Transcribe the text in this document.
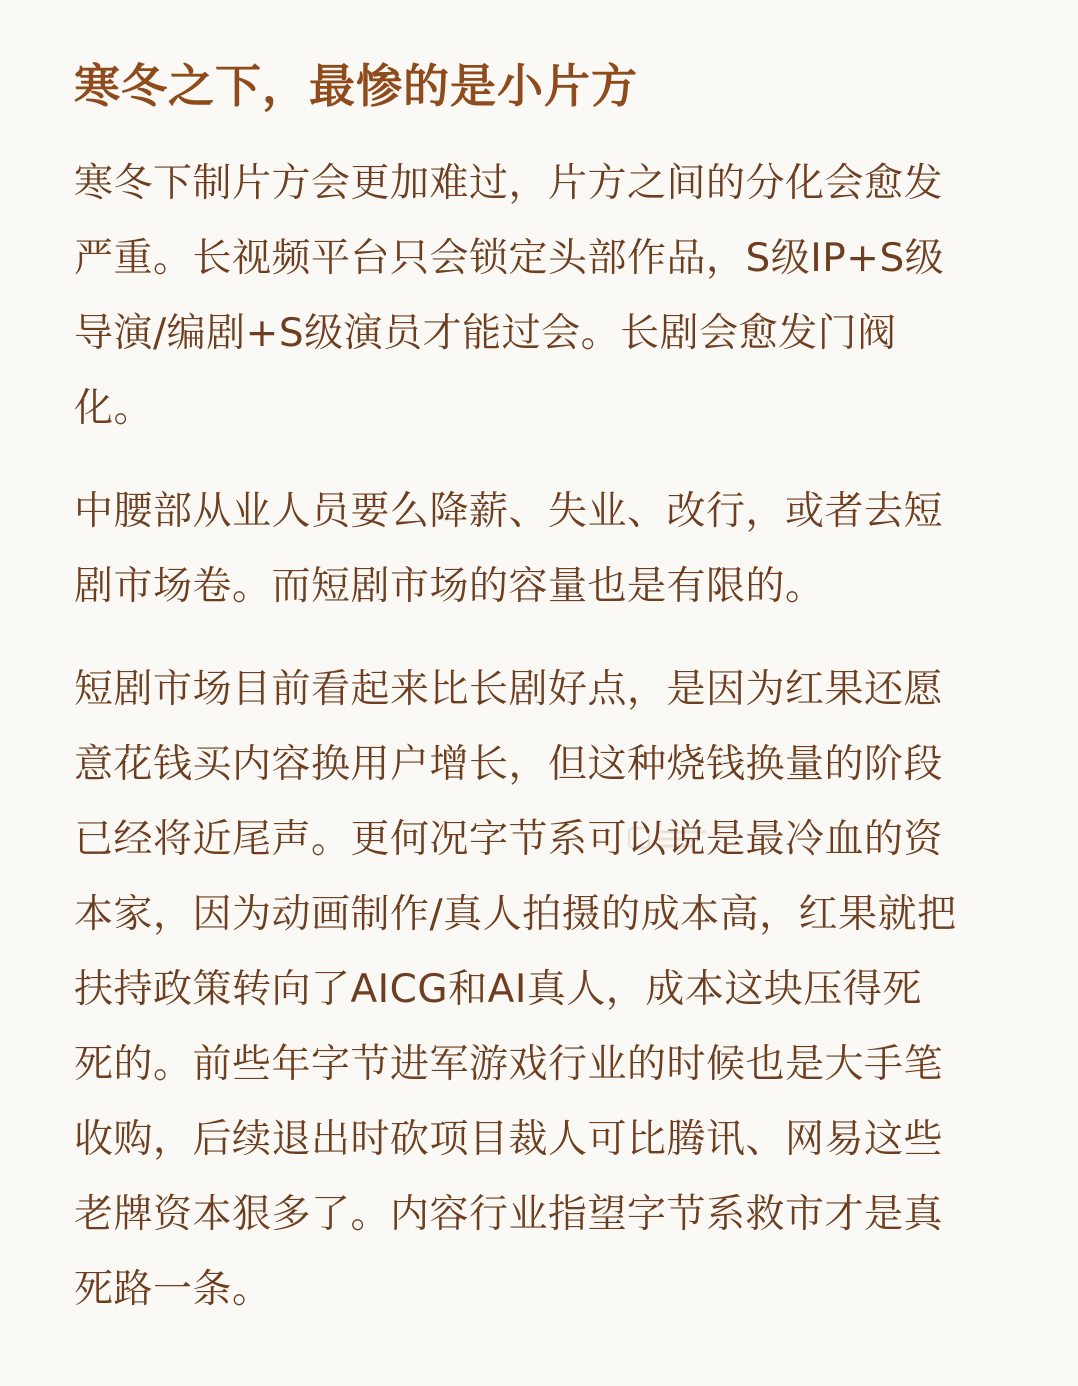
寒冬之下，最惨的是小片方

寒冬下制片方会更加难过，片方之间的分化会愈发
严重。长视频平台只会锁定头部作品，S级IP+S级
导演/编剧+S级演员才能过会。长剧会愈发门阀
化。

中腰部从业人员要么降薪、失业、改行，或者去短
剧市场卷。而短剧市场的容量也是有限的。

短剧市场目前看起来比长剧好点，是因为红果还愿
意花钱买内容换用户增长，但这种烧钱换量的阶段
已经将近尾声。更何况字节系可以说是最冷血的资
本家，因为动画制作/真人拍摄的成本高，红果就把
扶持政策转向了AICG和AI真人，成本这块压得死
死的。前些年字节进军游戏行业的时候也是大手笔
收购，后续退出时砍项目裁人可比腾讯、网易这些
老牌资本狠多了。内容行业指望字节系救市才是真
死路一条。
